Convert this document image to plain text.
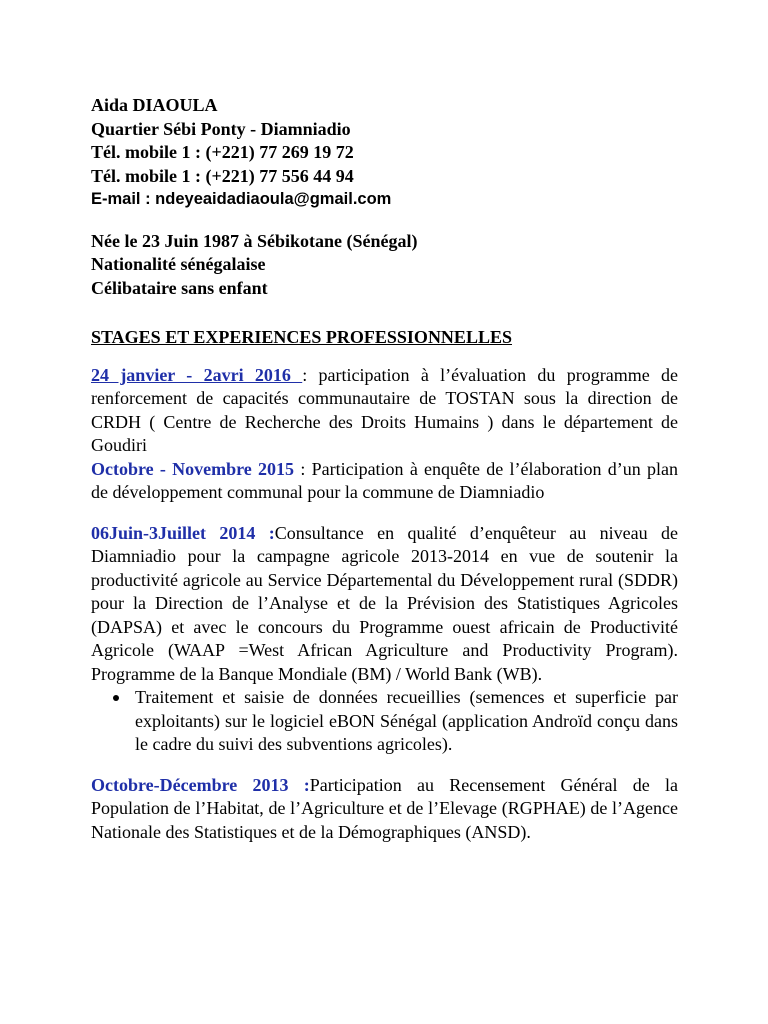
Aida DIAOULA
Quartier Sébi Ponty - Diamniadio
Tél. mobile 1 : (+221) 77 269 19 72
Tél. mobile 1 : (+221) 77 556 44 94
E-mail : ndeyeaidadiaoula@gmail.com
Née le 23 Juin 1987 à Sébikotane (Sénégal)
Nationalité sénégalaise
Célibataire sans enfant
STAGES ET EXPERIENCES PROFESSIONNELLES
24 janvier - 2avri 2016 : participation à l’évaluation du programme de renforcement de capacités communautaire de TOSTAN sous la direction de CRDH ( Centre de Recherche des Droits Humains ) dans le département de Goudiri
Octobre - Novembre 2015 : Participation à enquête de l’élaboration d’un plan de développement communal pour la commune de Diamniadio
06Juin-3Juillet 2014 :Consultance en qualité d’enquêteur au niveau de Diamniadio pour la campagne agricole 2013-2014 en vue de soutenir la productivité agricole au Service Départemental du Développement rural (SDDR) pour la Direction de l’Analyse et de la Prévision des Statistiques Agricoles (DAPSA) et avec le concours du Programme ouest africain de Productivité Agricole (WAAP =West African Agriculture and Productivity Program). Programme de la Banque Mondiale (BM) / World Bank (WB).
Traitement et saisie de données recueillies (semences et superficie par exploitants) sur le logiciel eBON Sénégal (application Androïd conçu dans le cadre du suivi des subventions agricoles).
Octobre-Décembre 2013 :Participation au Recensement Général de la Population de l’Habitat, de l’Agriculture et de l’Elevage (RGPHAE) de l’Agence Nationale des Statistiques et de la Démographiques (ANSD).
